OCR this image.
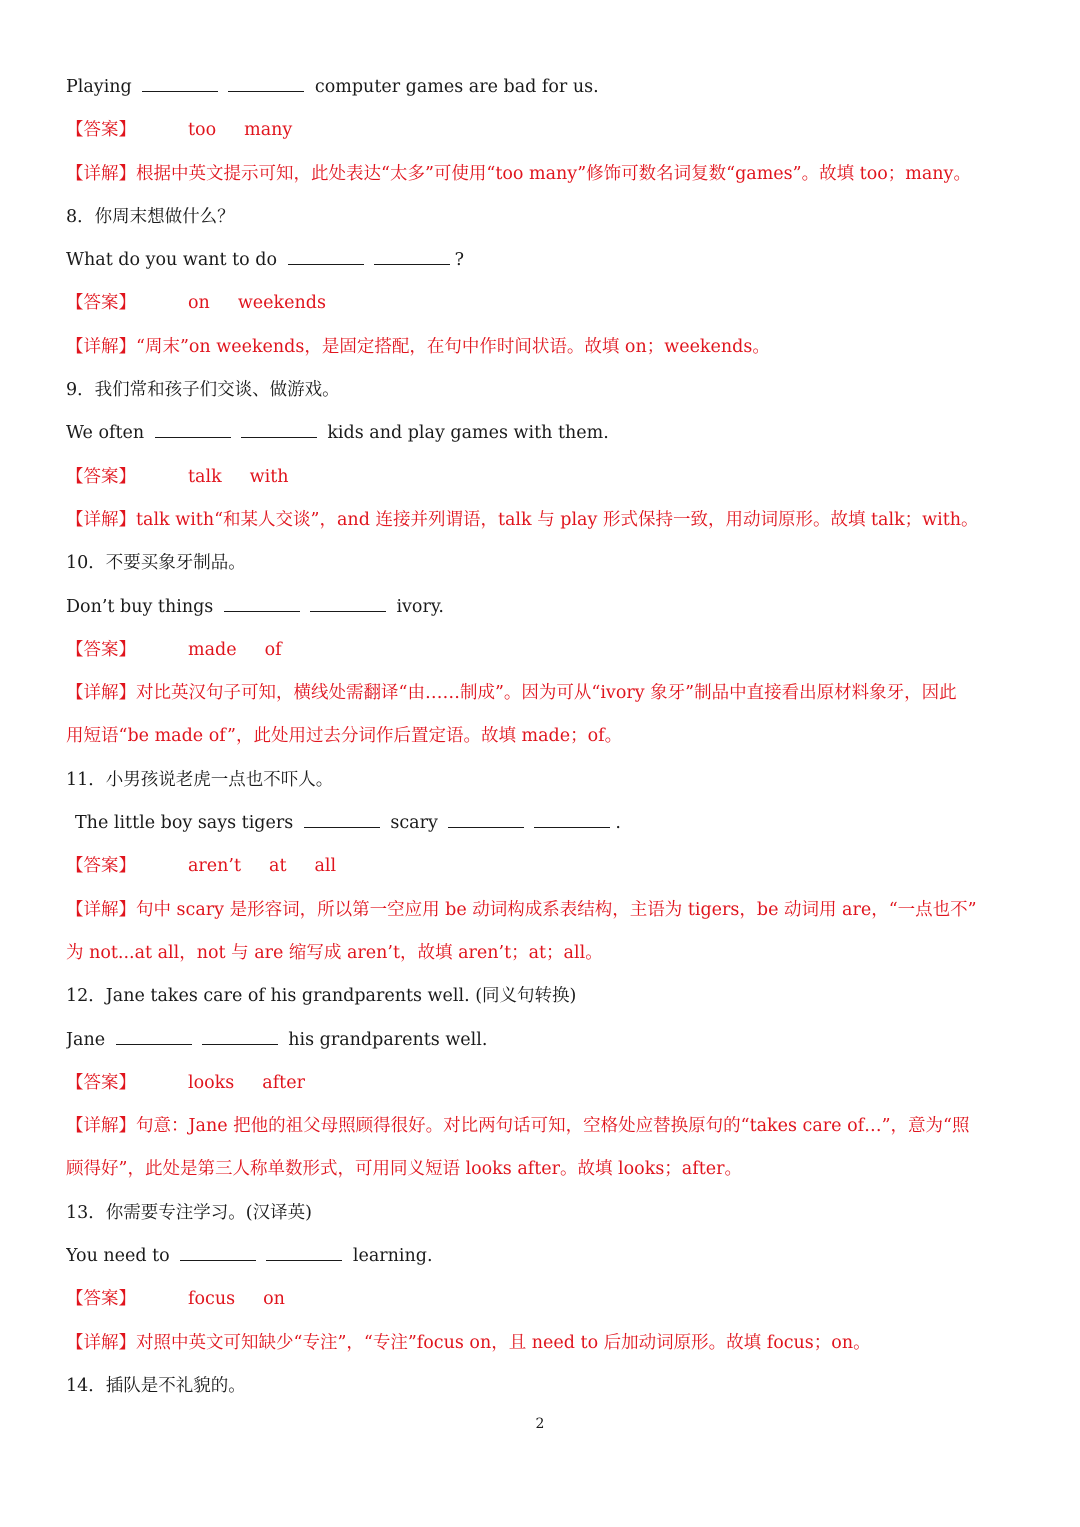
Playing	computer games are bad for us.
【答案】	too many
【详解】根据中英文提示可知，此处表达“太多”可使用“too many”修饰可数名词复数“games”。故填 too；many。
8．你周末想做什么？
What do you want to do	?
【答案】	on weekends
【详解】“周末”on weekends，是固定搭配，在句中作时间状语。故填 on；weekends。
9．我们常和孩子们交谈、做游戏。
We often	kids and play games with them.
【答案】	talk with
【详解】talk with“和某人交谈”，and 连接并列谓语，talk 与 play 形式保持一致，用动词原形。故填 talk；with。
10．不要买象牙制品。
Don’t buy things	ivory.
【答案】	made of
【详解】对比英汉句子可知，横线处需翻译“由……制成”。因为可从“ivory 象牙”制品中直接看出原材料象牙，因此
用短语“be made of”，此处用过去分词作后置定语。故填 made；of。
11．小男孩说老虎一点也不吓人。
The little boy says tigers	scary	.
【答案】	aren’t at all
【详解】句中 scary 是形容词，所以第一空应用 be 动词构成系表结构，主语为 tigers，be 动词用 are，“一点也不”
为 not...at all，not 与 are 缩写成 aren’t，故填 aren’t；at；all。
12．Jane takes care of his grandparents well. (同义句转换)
Jane	his grandparents well.
【答案】	looks after
【详解】句意：Jane 把他的祖父母照顾得很好。对比两句话可知，空格处应替换原句的“takes care of…”，意为“照
顾得好”，此处是第三人称单数形式，可用同义短语 looks after。故填 looks；after。
13．你需要专注学习。(汉译英)
You need to	learning.
【答案】	focus on
【详解】对照中英文可知缺少“专注”，“专注”focus on，且 need to 后加动词原形。故填 focus；on。
14．插队是不礼貌的。
2
